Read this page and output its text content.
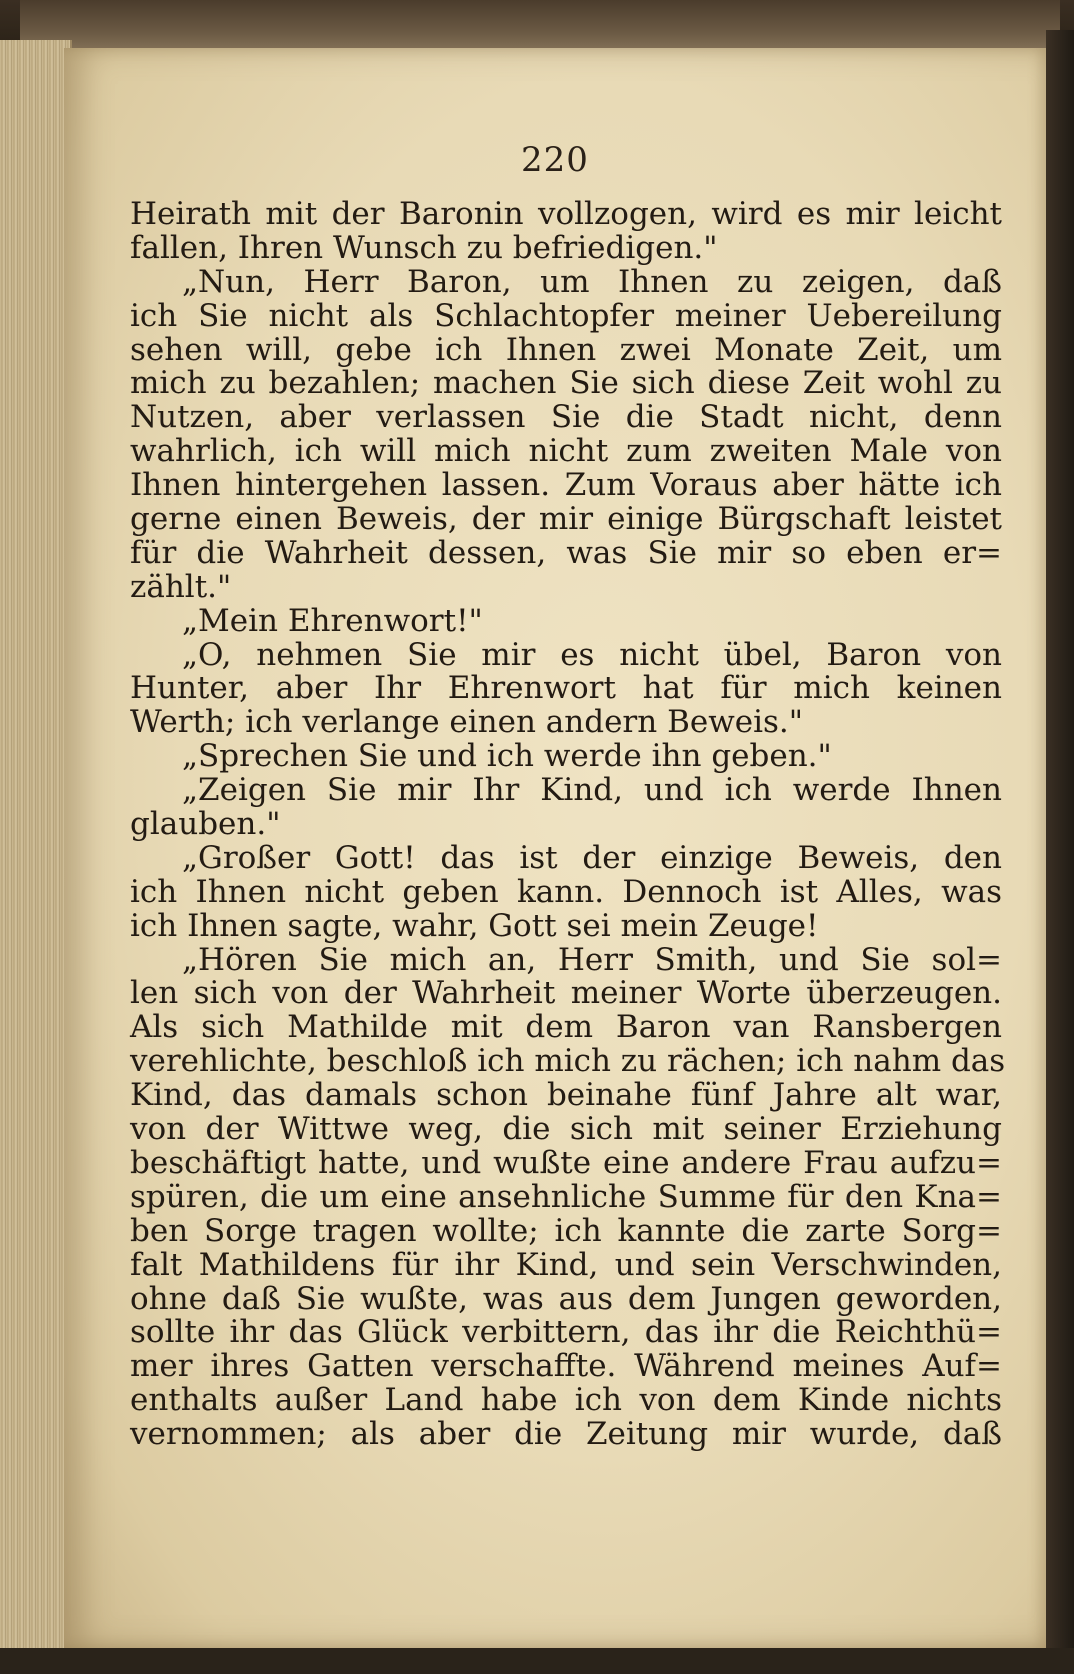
220
Heirath mit der Baronin vollzogen, wird es mir leicht
fallen, Ihren Wunsch zu befriedigen."
„Nun, Herr Baron, um Ihnen zu zeigen, daß
ich Sie nicht als Schlachtopfer meiner Uebereilung
sehen will, gebe ich Ihnen zwei Monate Zeit, um
mich zu bezahlen; machen Sie sich diese Zeit wohl zu
Nutzen, aber verlassen Sie die Stadt nicht, denn
wahrlich, ich will mich nicht zum zweiten Male von
Ihnen hintergehen lassen. Zum Voraus aber hätte ich
gerne einen Beweis, der mir einige Bürgschaft leistet
für die Wahrheit dessen, was Sie mir so eben er=
zählt."
„Mein Ehrenwort!"
„O, nehmen Sie mir es nicht übel, Baron von
Hunter, aber Ihr Ehrenwort hat für mich keinen
Werth; ich verlange einen andern Beweis."
„Sprechen Sie und ich werde ihn geben."
„Zeigen Sie mir Ihr Kind, und ich werde Ihnen
glauben."
„Großer Gott! das ist der einzige Beweis, den
ich Ihnen nicht geben kann. Dennoch ist Alles, was
ich Ihnen sagte, wahr, Gott sei mein Zeuge!
„Hören Sie mich an, Herr Smith, und Sie sol=
len sich von der Wahrheit meiner Worte überzeugen.
Als sich Mathilde mit dem Baron van Ransbergen
verehlichte, beschloß ich mich zu rächen; ich nahm das
Kind, das damals schon beinahe fünf Jahre alt war,
von der Wittwe weg, die sich mit seiner Erziehung
beschäftigt hatte, und wußte eine andere Frau aufzu=
spüren, die um eine ansehnliche Summe für den Kna=
ben Sorge tragen wollte; ich kannte die zarte Sorg=
falt Mathildens für ihr Kind, und sein Verschwinden,
ohne daß Sie wußte, was aus dem Jungen geworden,
sollte ihr das Glück verbittern, das ihr die Reichthü=
mer ihres Gatten verschaffte. Während meines Auf=
enthalts außer Land habe ich von dem Kinde nichts
vernommen; als aber die Zeitung mir wurde, daß
